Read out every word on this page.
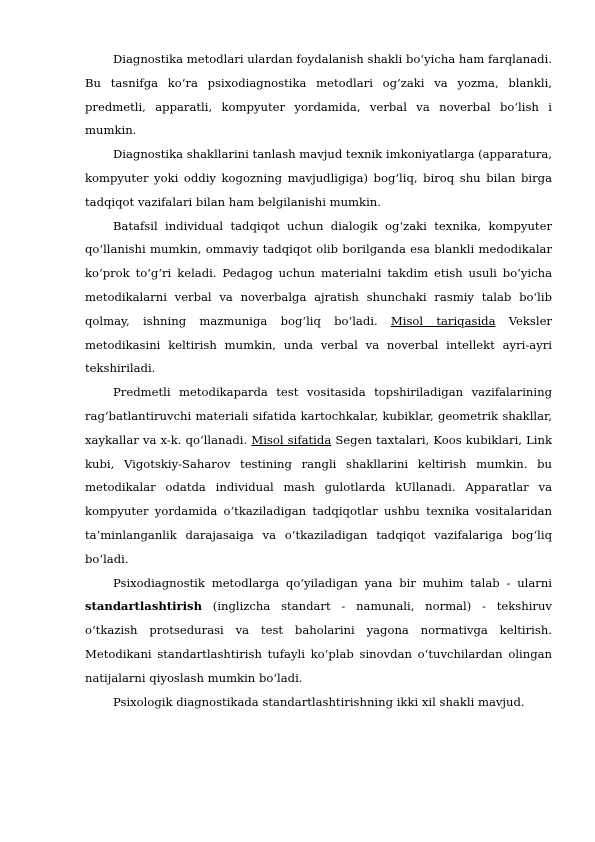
Diagnostika metodlari ulardan foydalanish shakli bo‘yicha ham farqlanadi. Bu tasnifga ko‘ra psixodiagnostika metodlari og‘zaki va yozma, blankli, predmetli, apparatli, kompyuter yordamida, verbal va noverbal bo‘lish i mumkin.

Diagnostika shakllarini tanlash mavjud texnik imkoniyatlarga (apparatura, kompyuter yoki oddiy kogozning mavjudligiga) bog‘liq, biroq shu bilan birga tadqiqot vazifalari bilan ham belgilanishi mumkin.

Batafsil individual tadqiqot uchun dialogik og‘zaki texnika, kompyuter qo‘llanishi mumkin, ommaviy tadqiqot olib borilganda esa blankli medodikalar ko‘prok to‘g‘ri keladi. Pedagog uchun materialni takdim etish usuli bo‘yicha metodikalarni verbal va noverbalga ajratish shunchaki rasmiy talab bo‘lib qolmay, ishning mazmuniga bog‘liq bo‘ladi. Misol tariqasida Veksler metodikasini keltirish mumkin, unda verbal va noverbal intellekt ayri-ayri tekshiriladi.

Predmetli metodikaparda test vositasida topshiriladigan vazifalarining rag‘batlantiruvchi materiali sifatida kartochkalar, kubiklar, geometrik shakllar, xaykallar va x-k. qo‘llanadi. Misol sifatida Segen taxtalari, Koos kubiklari, Link kubi, Vigotskiy-Saharov testining rangli shakllarini keltirish mumkin. bu metodikalar odatda individual mash gulotlarda kUllanadi. Apparatlar va kompyuter yordamida o‘tkaziladigan tadqiqotlar ushbu texnika vositalaridan ta’minlanganlik darajasaiga va o‘tkaziladigan tadqiqot vazifalariga bog‘liq bo‘ladi.

Psixodiagnostik metodlarga qo‘yiladigan yana bir muhim talab - ularni standartlashtirish (inglizcha standart - namunali, normal) - tekshiruv o‘tkazish protsedurasi va test baholarini yagona normativga keltirish. Metodikani standartlashtirish tufayli ko‘plab sinovdan o‘tuvchilardan olingan natijalarni qiyoslash mumkin bo‘ladi.

Psixologik diagnostikada standartlashtirishning ikki xil shakli mavjud.
